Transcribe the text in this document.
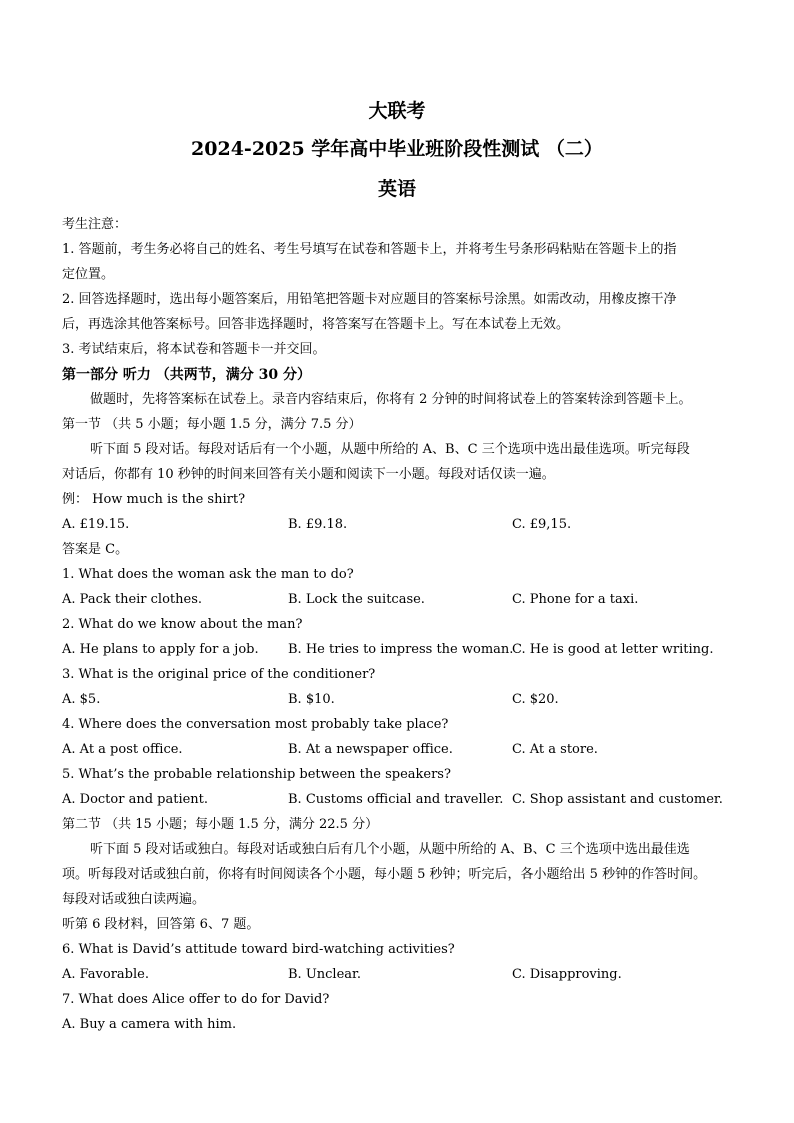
大联考
2024-2025 学年高中毕业班阶段性测试 （二）
英语
考生注意：
1. 答题前，考生务必将自己的姓名、考生号填写在试卷和答题卡上，并将考生号条形码粘贴在答题卡上的指
定位置。
2. 回答选择题时，选出每小题答案后，用铅笔把答题卡对应题目的答案标号涂黑。如需改动，用橡皮擦干净
后，再选涂其他答案标号。回答非选择题时，将答案写在答题卡上。写在本试卷上无效。
3. 考试结束后，将本试卷和答题卡一并交回。
第一部分 听力 （共两节，满分 30 分）
做题时，先将答案标在试卷上。录音内容结束后，你将有 2 分钟的时间将试卷上的答案转涂到答题卡上。
第一节 （共 5 小题；每小题 1.5 分，满分 7.5 分）
听下面 5 段对话。每段对话后有一个小题，从题中所给的 A、B、C 三个选项中选出最佳选项。听完每段
对话后，你都有 10 秒钟的时间来回答有关小题和阅读下一小题。每段对话仅读一遍。
例： How much is the shirt?
A. £19.15.	B. £9.18.	C. £9,15.
答案是 C。
1. What does the woman ask the man to do?
A. Pack their clothes.	B. Lock the suitcase.	C. Phone for a taxi.
2. What do we know about the man?
A. He plans to apply for a job. B. He tries to impress the woman.
C. He is good at letter writing.
3. What is the original price of the conditioner?
A. $5.	B. $10.	C. $20.
4. Where does the conversation most probably take place?
A. At a post office.	B. At a newspaper office.	C. At a store.
5. What’s the probable relationship between the speakers?
A. Doctor and patient.	B. Customs official and traveller. C. Shop assistant and customer.
第二节 （共 15 小题；每小题 1.5 分，满分 22.5 分）
听下面 5 段对话或独白。每段对话或独白后有几个小题，从题中所给的 A、B、C 三个选项中选出最佳选
项。听每段对话或独白前，你将有时间阅读各个小题，每小题 5 秒钟；听完后，各小题给出 5 秒钟的作答时间。
每段对话或独白读两遍。
听第 6 段材料，回答第 6、7 题。
6. What is David’s attitude toward bird-watching activities?
A. Favorable.	B. Unclear.	C. Disapproving.
7. What does Alice offer to do for David?
A. Buy a camera with him.
